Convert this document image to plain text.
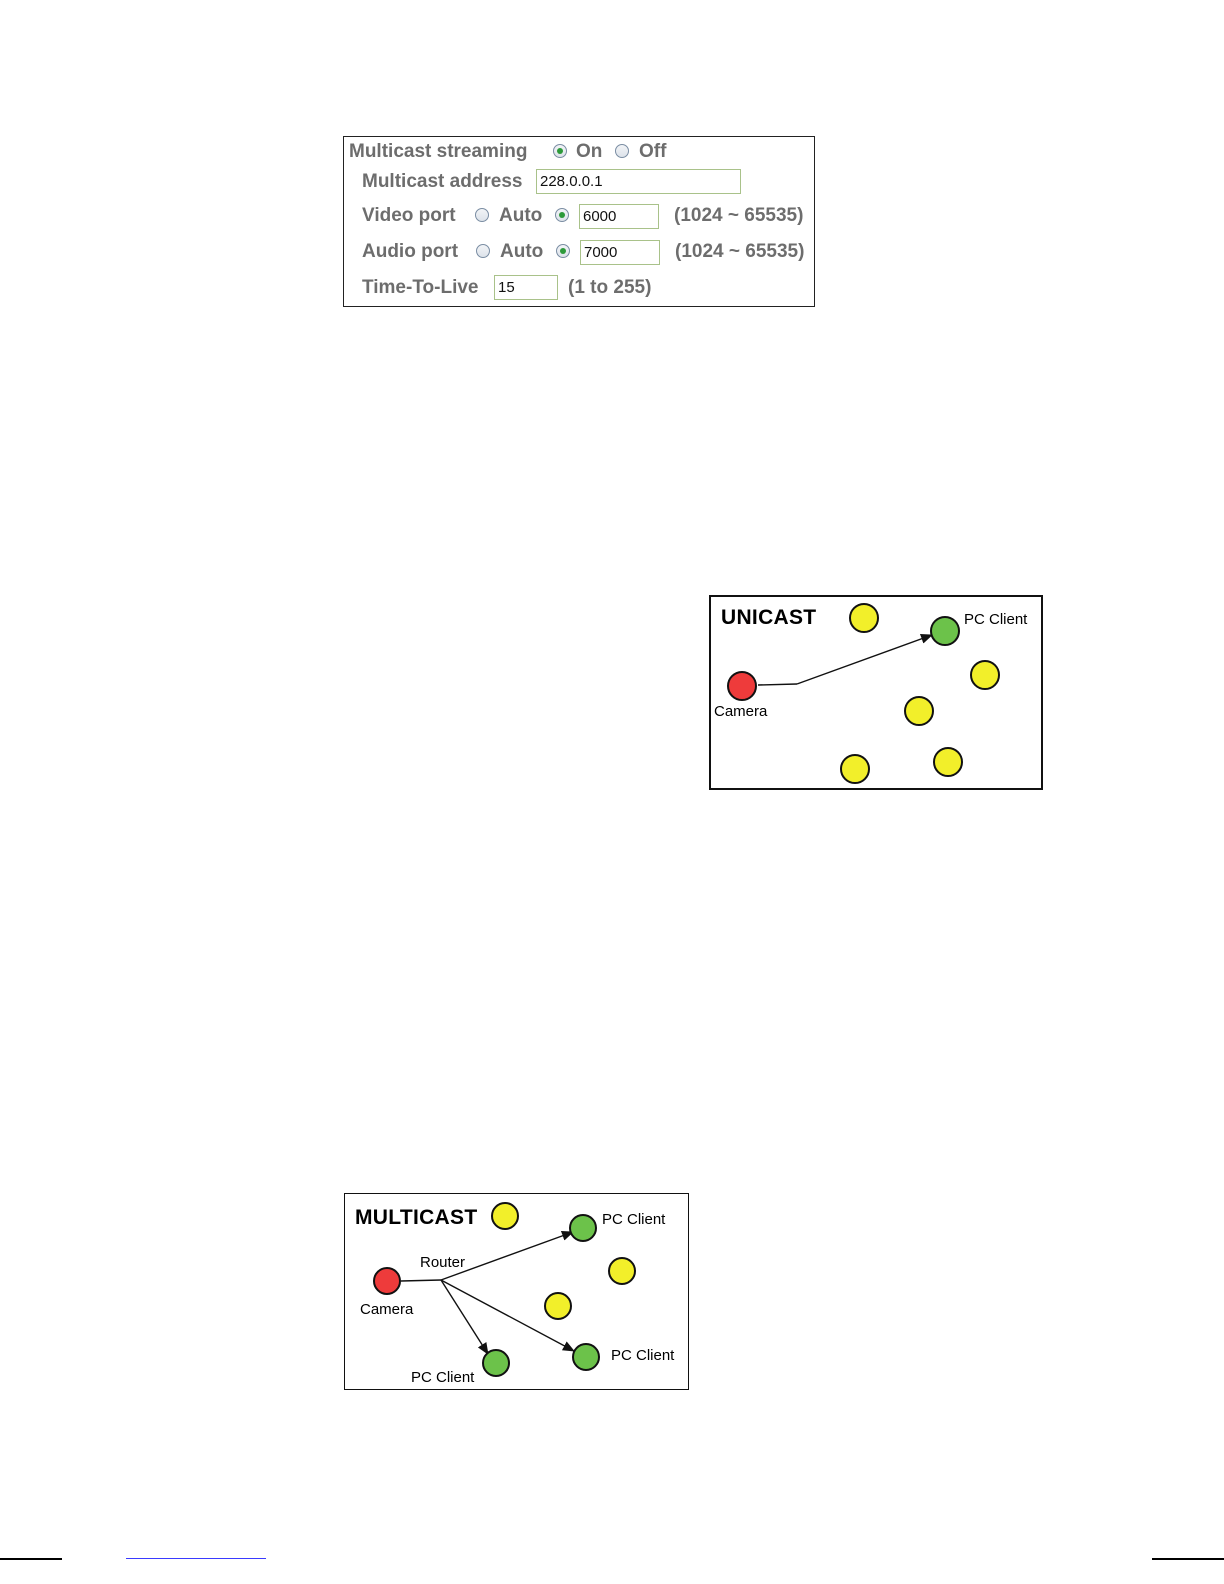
Multicast streaming	On Off
Multicast address 228.0.0.1
Video port Auto	6000	(1024 ~ 65535)
Audio port Auto	7000	(1024 ~ 65535)
Time-To-Live 15	(1 to 255)
UNICAST
Camera
PC Client
MULTICAST
Camera
Router
PC Client
PC Client
PC Client
